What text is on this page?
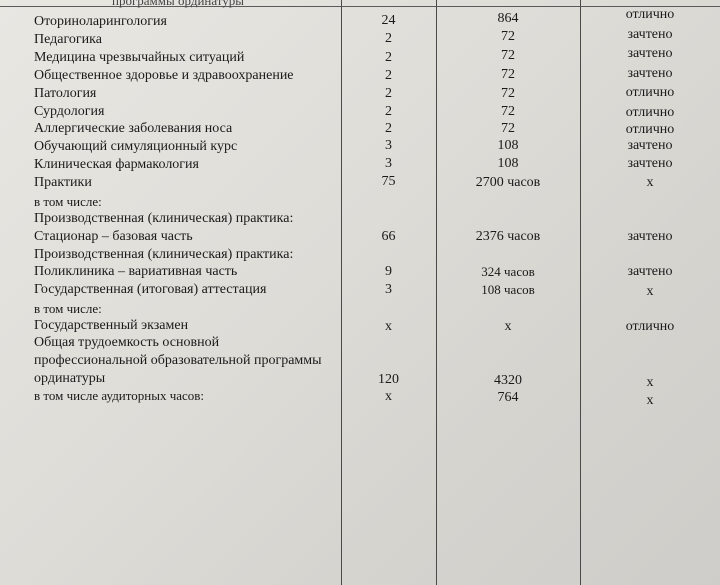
программы ординатуры
Оториноларингология	24	864	отлично
Педагогика	2	72	зачтено
Медицина чрезвычайных ситуаций	2	72	зачтено
Общественное здоровье и здравоохранение	2	72	зачтено
Патология	2	72	отлично
Сурдология	2	72	отлично
Аллергические заболевания носа	2	72	отлично
Обучающий симуляционный курс	3	108	зачтено
Клиническая фармакология	3	108	зачтено
Практики	75	2700 часов	х
в том числе:
Производственная (клиническая) практика:
Стационар – базовая часть	66	2376 часов	зачтено
Производственная (клиническая) практика:
Поликлиника – вариативная часть	9	324 часов	зачтено
Государственная (итоговая) аттестация	3	108 часов	х
в том числе:
Государственный экзамен	х	х	отлично
Общая трудоемкость основной
профессиональной образовательной программы
ординатуры	120	4320	х
в том числе аудиторных часов:	х	764	х
